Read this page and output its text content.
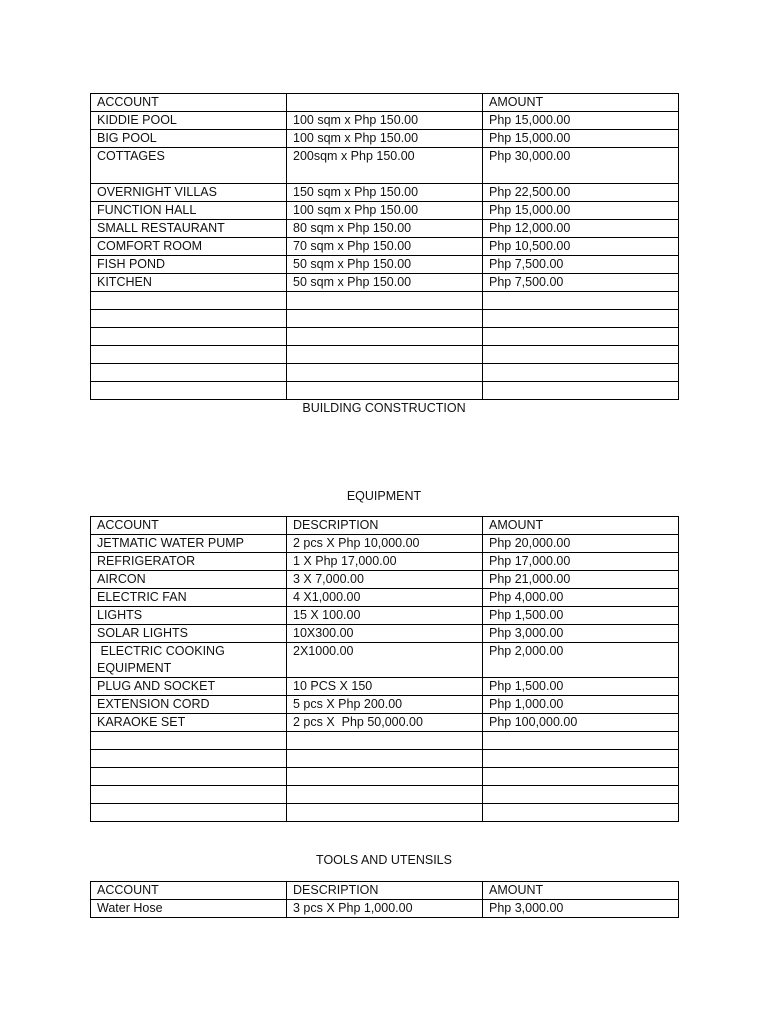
ACCOUNT		AMOUNT
KIDDIE POOL	100 sqm x Php 150.00	Php 15,000.00
BIG POOL	100 sqm x Php 150.00	Php 15,000.00
COTTAGES	200sqm x Php 150.00	Php 30,000.00
OVERNIGHT VILLAS	150 sqm x Php 150.00	Php 22,500.00
FUNCTION HALL	100 sqm x Php 150.00	Php 15,000.00
SMALL RESTAURANT	80 sqm x Php 150.00	Php 12,000.00
COMFORT ROOM	70 sqm x Php 150.00	Php 10,500.00
FISH POND	50 sqm x Php 150.00	Php 7,500.00
KITCHEN	50 sqm x Php 150.00	Php 7,500.00

BUILDING CONSTRUCTION
EQUIPMENT
ACCOUNT	DESCRIPTION	AMOUNT
JETMATIC WATER PUMP	2 pcs X Php 10,000.00	Php 20,000.00
REFRIGERATOR	1 X Php 17,000.00	Php 17,000.00
AIRCON	3 X 7,000.00	Php 21,000.00
ELECTRIC FAN	4 X1,000.00	Php 4,000.00
LIGHTS	15 X 100.00	Php 1,500.00
SOLAR LIGHTS	10X300.00	Php 3,000.00
ELECTRIC COOKING EQUIPMENT	2X1000.00	Php 2,000.00
PLUG AND SOCKET	10 PCS X 150	Php 1,500.00
EXTENSION CORD	5 pcs X Php 200.00	Php 1,000.00
KARAOKE SET	2 pcs X  Php 50,000.00	Php 100,000.00

TOOLS AND UTENSILS
ACCOUNT	DESCRIPTION	AMOUNT
Water Hose	3 pcs X Php 1,000.00	Php 3,000.00
